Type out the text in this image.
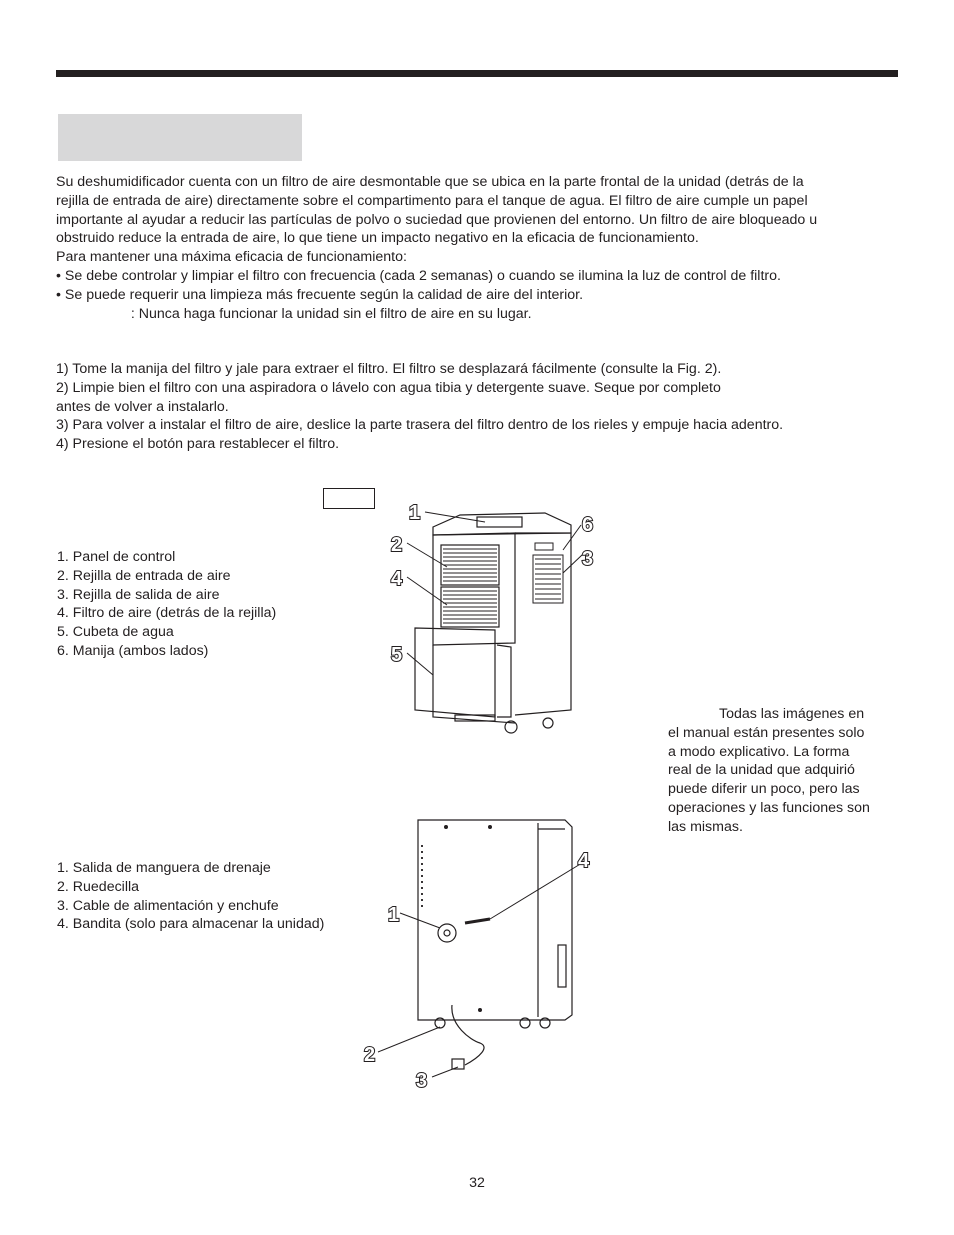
Su deshumidificador cuenta con un filtro de aire desmontable que se ubica en la parte frontal de la unidad (detrás de la
rejilla de entrada de aire) directamente sobre el compartimento para el tanque de agua. El filtro de aire cumple un papel
importante al ayudar a reducir las partículas de polvo o suciedad que provienen del entorno. Un filtro de aire bloqueado u
obstruido reduce la entrada de aire, lo que tiene un impacto negativo en la eficacia de funcionamiento.
Para mantener una máxima eficacia de funcionamiento:
• Se debe controlar y limpiar el filtro con frecuencia (cada 2 semanas) o cuando se ilumina la luz de control de filtro.
• Se puede requerir una limpieza más frecuente según la calidad de aire del interior.
: Nunca haga funcionar la unidad sin el filtro de aire en su lugar.
1) Tome la manija del filtro y jale para extraer el filtro. El filtro se desplazará fácilmente (consulte la Fig. 2).
2) Limpie bien el filtro con una aspiradora o lávelo con agua tibia y detergente suave. Seque por completo
antes de volver a instalarlo.
3) Para volver a instalar el filtro de aire, deslice la parte trasera del filtro dentro de los rieles y empuje hacia adentro.
4) Presione el botón para restablecer el filtro.
1. Panel de control
2. Rejilla de entrada de aire
3. Rejilla de salida de aire
4. Filtro de aire (detrás de la rejilla)
5. Cubeta de agua
6. Manija (ambos lados)
1. Salida de manguera de drenaje
2. Ruedecilla
3. Cable de alimentación y enchufe
4. Bandita (solo para almacenar la unidad)
Todas las imágenes en
el manual están presentes solo
a modo explicativo. La forma
real de la unidad que adquirió
puede diferir un poco, pero las
operaciones y las funciones son
las mismas.
1
2
3
4
5
6
1
2
3
4
32
